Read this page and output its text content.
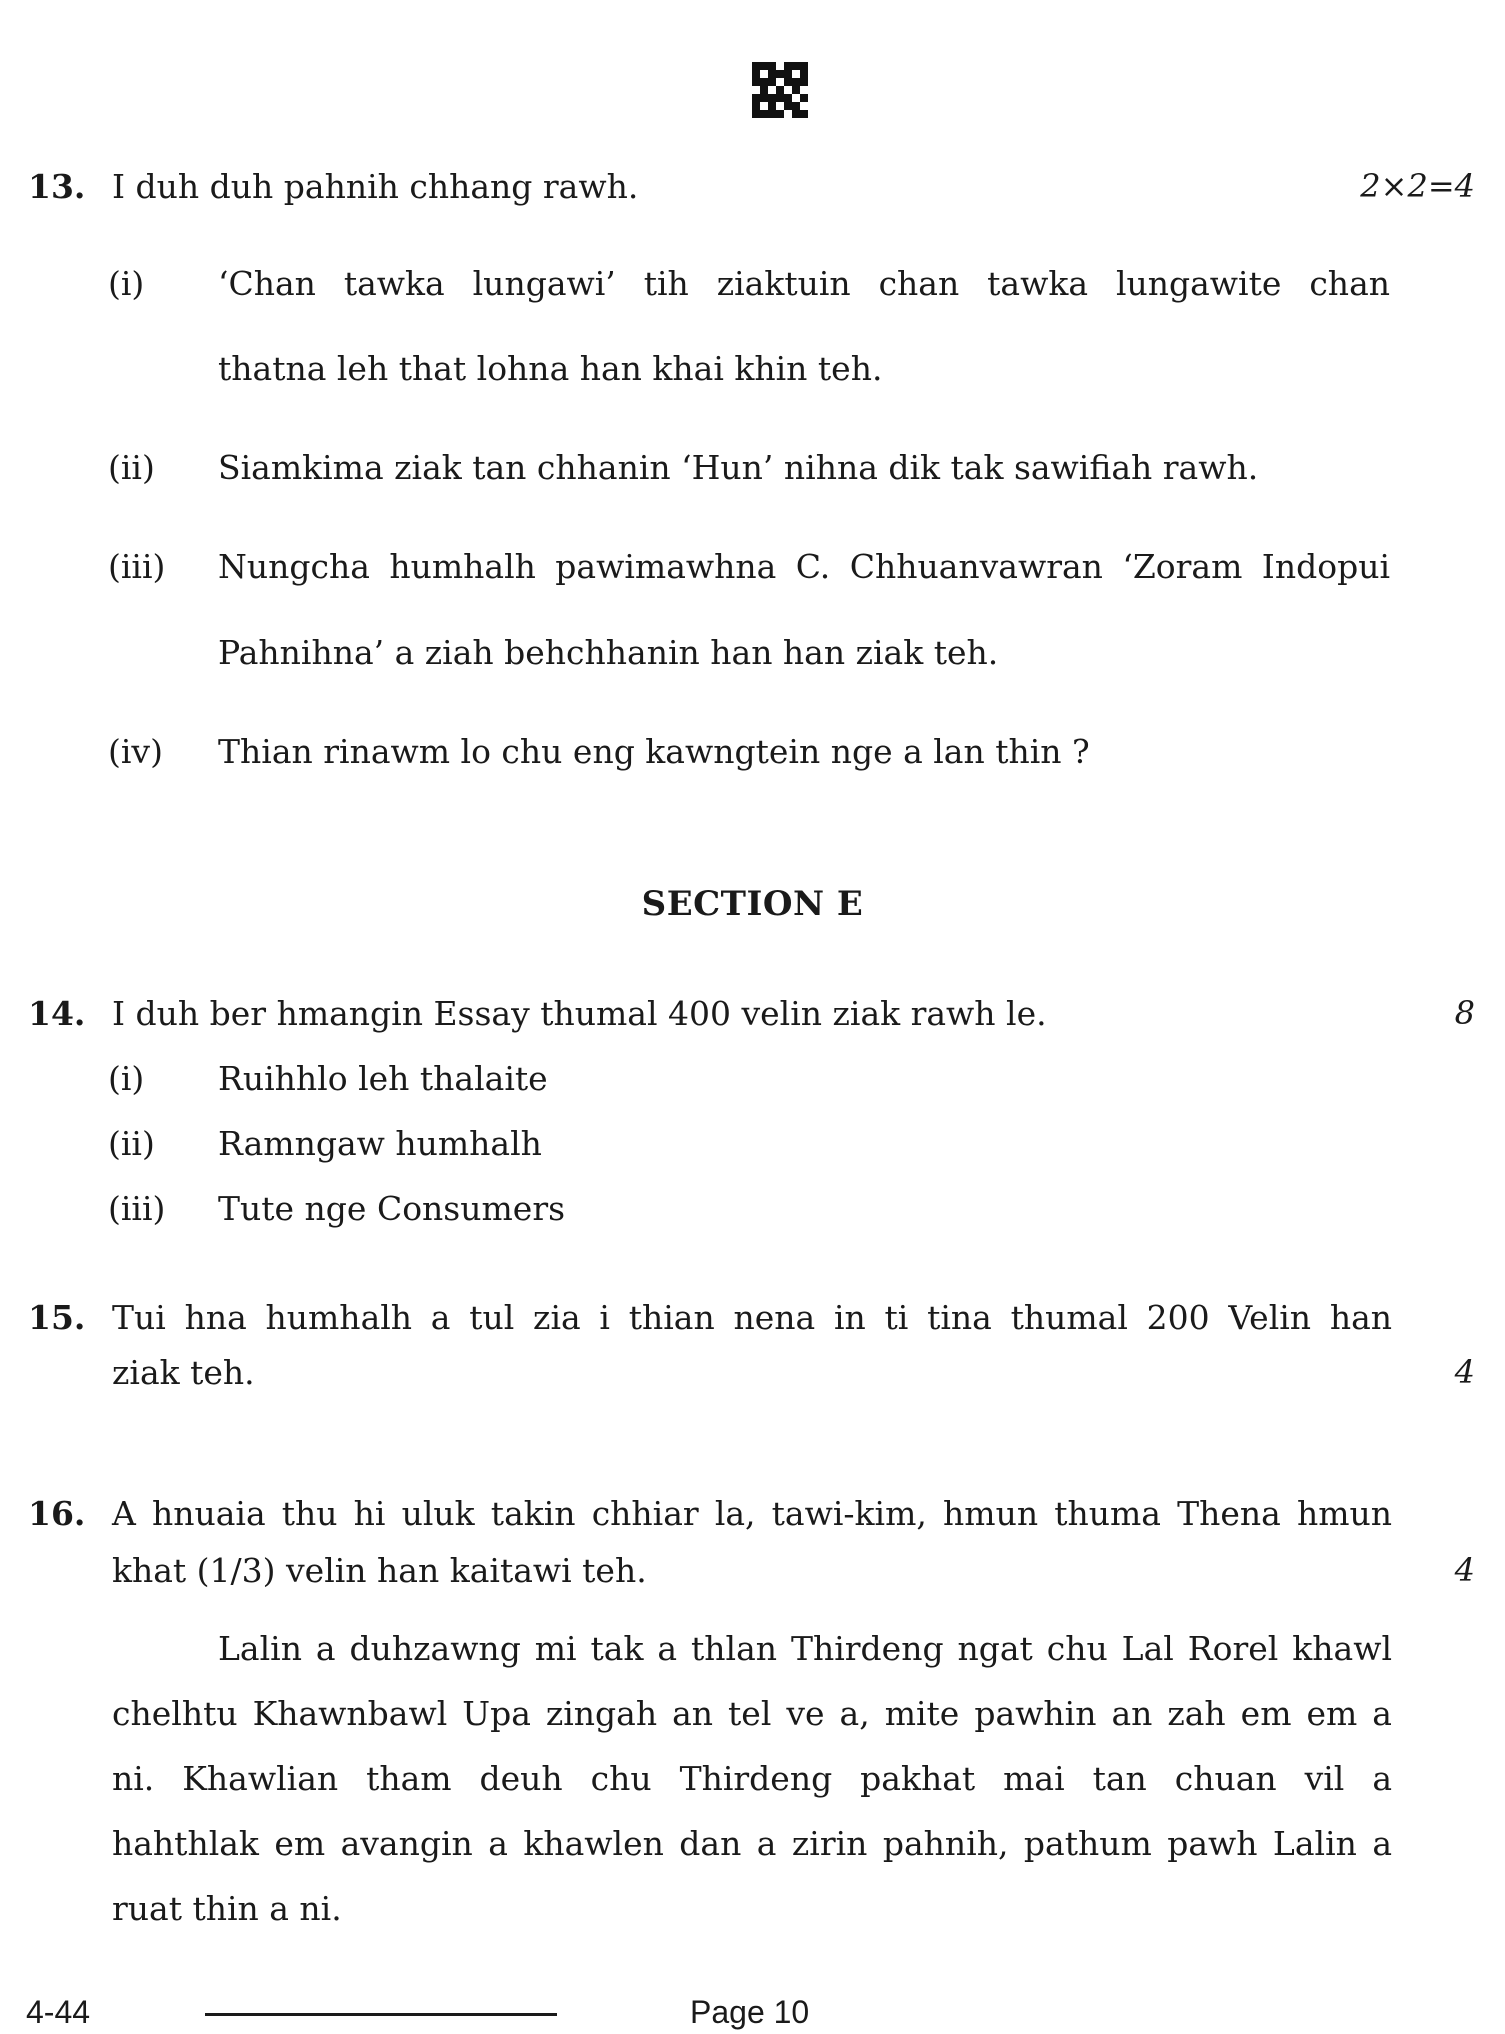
13. I duh duh pahnih chhang rawh.	2×2=4
(i) ‘Chan tawka lungawi’ tih ziaktuin chan tawka lungawite chan
thatna leh that lohna han khai khin teh.
(ii) Siamkima ziak tan chhanin ‘Hun’ nihna dik tak sawifiah rawh.
(iii) Nungcha humhalh pawimawhna C. Chhuanvawran ‘Zoram Indopui
Pahnihna’ a ziah behchhanin han han ziak teh.
(iv) Thian rinawm lo chu eng kawngtein nge a lan thin ?
SECTION E
14. I duh ber hmangin Essay thumal 400 velin ziak rawh le.	8
(i) Ruihhlo leh thalaite
(ii) Ramngaw humhalh
(iii) Tute nge Consumers
15. Tui hna humhalh a tul zia i thian nena in ti tina thumal 200 Velin han
ziak teh.	4
16. A hnuaia thu hi uluk takin chhiar la, tawi-kim, hmun thuma Thena hmun
khat (1/3) velin han kaitawi teh.	4
Lalin a duhzawng mi tak a thlan Thirdeng ngat chu Lal Rorel khawl
chelhtu Khawnbawl Upa zingah an tel ve a, mite pawhin an zah em em a
ni. Khawlian tham deuh chu Thirdeng pakhat mai tan chuan vil a
hahthlak em avangin a khawlen dan a zirin pahnih, pathum pawh Lalin a
ruat thin a ni.
4-44	Page 10
